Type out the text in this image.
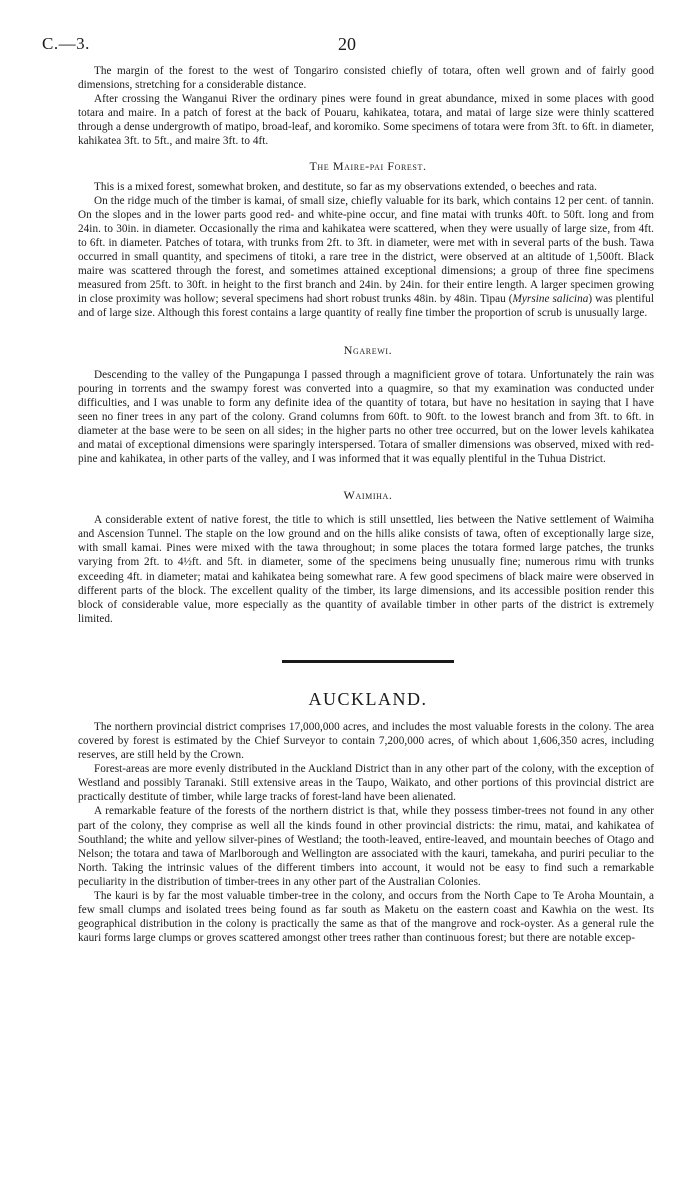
C.—3.	20

The margin of the forest to the west of Tongariro consisted chiefly of totara, often well grown and of fairly good dimensions, stretching for a considerable distance.

After crossing the Wanganui River the ordinary pines were found in great abundance, mixed in some places with good totara and maire. In a patch of forest at the back of Pouaru, kahikatea, totara, and matai of large size were thinly scattered through a dense undergrowth of matipo, broad-leaf, and koromiko. Some specimens of totara were from 3ft. to 6ft. in diameter, kahikatea 3ft. to 5ft., and maire 3ft. to 4ft.

The Maire-pai Forest.

This is a mixed forest, somewhat broken, and destitute, so far as my observations extended, o beeches and rata.

On the ridge much of the timber is kamai, of small size, chiefly valuable for its bark, which contains 12 per cent. of tannin. On the slopes and in the lower parts good red- and white-pine occur, and fine matai with trunks 40ft. to 50ft. long and from 24in. to 30in. in diameter. Occasionally the rima and kahikatea were scattered, when they were usually of large size, from 4ft. to 6ft. in diameter. Patches of totara, with trunks from 2ft. to 3ft. in diameter, were met with in several parts of the bush. Tawa occurred in small quantity, and specimens of titoki, a rare tree in the district, were observed at an altitude of 1,500ft. Black maire was scattered through the forest, and sometimes attained exceptional dimensions; a group of three fine specimens measured from 25ft. to 30ft. in height to the first branch and 24in. by 24in. for their entire length. A larger specimen growing in close proximity was hollow; several specimens had short robust trunks 48in. by 48in. Tipau (Myrsine salicina) was plentiful and of large size. Although this forest contains a large quantity of really fine timber the proportion of scrub is unusually large.

Ngarewi.

Descending to the valley of the Pungapunga I passed through a magnificient grove of totara. Unfortunately the rain was pouring in torrents and the swampy forest was converted into a quagmire, so that my examination was conducted under difficulties, and I was unable to form any definite idea of the quantity of totara, but have no hesitation in saying that I have seen no finer trees in any part of the colony. Grand columns from 60ft. to 90ft. to the lowest branch and from 3ft. to 6ft. in diameter at the base were to be seen on all sides; in the higher parts no other tree occurred, but on the lower levels kahikatea and matai of exceptional dimensions were sparingly interspersed. Totara of smaller dimensions was observed, mixed with red-pine and kahikatea, in other parts of the valley, and I was informed that it was equally plentiful in the Tuhua District.

Waimiha.

A considerable extent of native forest, the title to which is still unsettled, lies between the Native settlement of Waimiha and Ascension Tunnel. The staple on the low ground and on the hills alike consists of tawa, often of exceptionally large size, with small kamai. Pines were mixed with the tawa throughout; in some places the totara formed large patches, the trunks varying from 2ft. to 4½ft. and 5ft. in diameter, some of the specimens being unusually fine; numerous rimu with trunks exceeding 4ft. in diameter; matai and kahikatea being somewhat rare. A few good specimens of black maire were observed in different parts of the block. The excellent quality of the timber, its large dimensions, and its accessible position render this block of considerable value, more especially as the quantity of available timber in other parts of the district is extremely limited.

AUCKLAND.

The northern provincial district comprises 17,000,000 acres, and includes the most valuable forests in the colony. The area covered by forest is estimated by the Chief Surveyor to contain 7,200,000 acres, of which about 1,606,350 acres, including reserves, are still held by the Crown.

Forest-areas are more evenly distributed in the Auckland District than in any other part of the colony, with the exception of Westland and possibly Taranaki. Still extensive areas in the Taupo, Waikato, and other portions of this provincial district are practically destitute of timber, while large tracks of forest-land have been alienated.

A remarkable feature of the forests of the northern district is that, while they possess timber-trees not found in any other part of the colony, they comprise as well all the kinds found in other provincial districts: the rimu, matai, and kahikatea of Southland; the white and yellow silver-pines of Westland; the tooth-leaved, entire-leaved, and mountain beeches of Otago and Nelson; the totara and tawa of Marlborough and Wellington are associated with the kauri, tamekaha, and puriri peculiar to the North. Taking the intrinsic values of the different timbers into account, it would not be easy to find such a remarkable peculiarity in the distribution of timber-trees in any other part of the Australian Colonies.

The kauri is by far the most valuable timber-tree in the colony, and occurs from the North Cape to Te Aroha Mountain, a few small clumps and isolated trees being found as far south as Maketu on the eastern coast and Kawhia on the west. Its geographical distribution in the colony is practically the same as that of the mangrove and rock-oyster. As a general rule the kauri forms large clumps or groves scattered amongst other trees rather than continuous forest; but there are notable excep-
